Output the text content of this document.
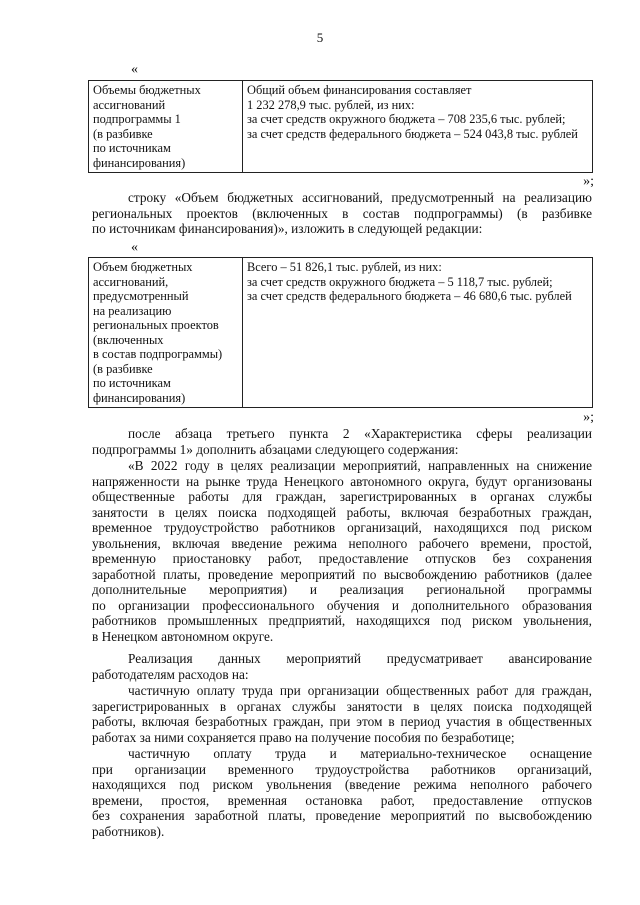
5
«
Объемы бюджетных
ассигнований
подпрограммы 1
(в разбивке
по источникам
финансирования)

Общий объем финансирования составляет
1 232 278,9 тыс. рублей, из них:
за счет средств окружного бюджета – 708 235,6 тыс. рублей;
за счет средств федерального бюджета – 524 043,8 тыс. рублей
»;
строку «Объем бюджетных ассигнований, предусмотренный на реализацию
региональных проектов (включенных в состав подпрограммы) (в разбивке
по источникам финансирования)», изложить в следующей редакции:
«
Объем бюджетных
ассигнований,
предусмотренный
на реализацию
региональных проектов
(включенных
в состав подпрограммы)
(в разбивке
по источникам
финансирования)

Всего – 51 826,1 тыс. рублей, из них:
за счет средств окружного бюджета – 5 118,7 тыс. рублей;
за счет средств федерального бюджета – 46 680,6 тыс. рублей
»;
после абзаца третьего пункта 2 «Характеристика сферы реализации
подпрограммы 1» дополнить абзацами следующего содержания:
«В 2022 году в целях реализации мероприятий, направленных на снижение
напряженности на рынке труда Ненецкого автономного округа, будут организованы
общественные работы для граждан, зарегистрированных в органах службы
занятости в целях поиска подходящей работы, включая безработных граждан,
временное трудоустройство работников организаций, находящихся под риском
увольнения, включая введение режима неполного рабочего времени, простой,
временную приостановку работ, предоставление отпусков без сохранения
заработной платы, проведение мероприятий по высвобождению работников (далее
дополнительные мероприятия) и реализация региональной программы
по организации профессионального обучения и дополнительного образования
работников промышленных предприятий, находящихся под риском увольнения,
в Ненецком автономном округе.
Реализация данных мероприятий предусматривает авансирование
работодателям расходов на:
частичную оплату труда при организации общественных работ для граждан,
зарегистрированных в органах службы занятости в целях поиска подходящей
работы, включая безработных граждан, при этом в период участия в общественных
работах за ними сохраняется право на получение пособия по безработице;
частичную оплату труда и материально-техническое оснащение
при организации временного трудоустройства работников организаций,
находящихся под риском увольнения (введение режима неполного рабочего
времени, простоя, временная остановка работ, предоставление отпусков
без сохранения заработной платы, проведение мероприятий по высвобождению
работников).
